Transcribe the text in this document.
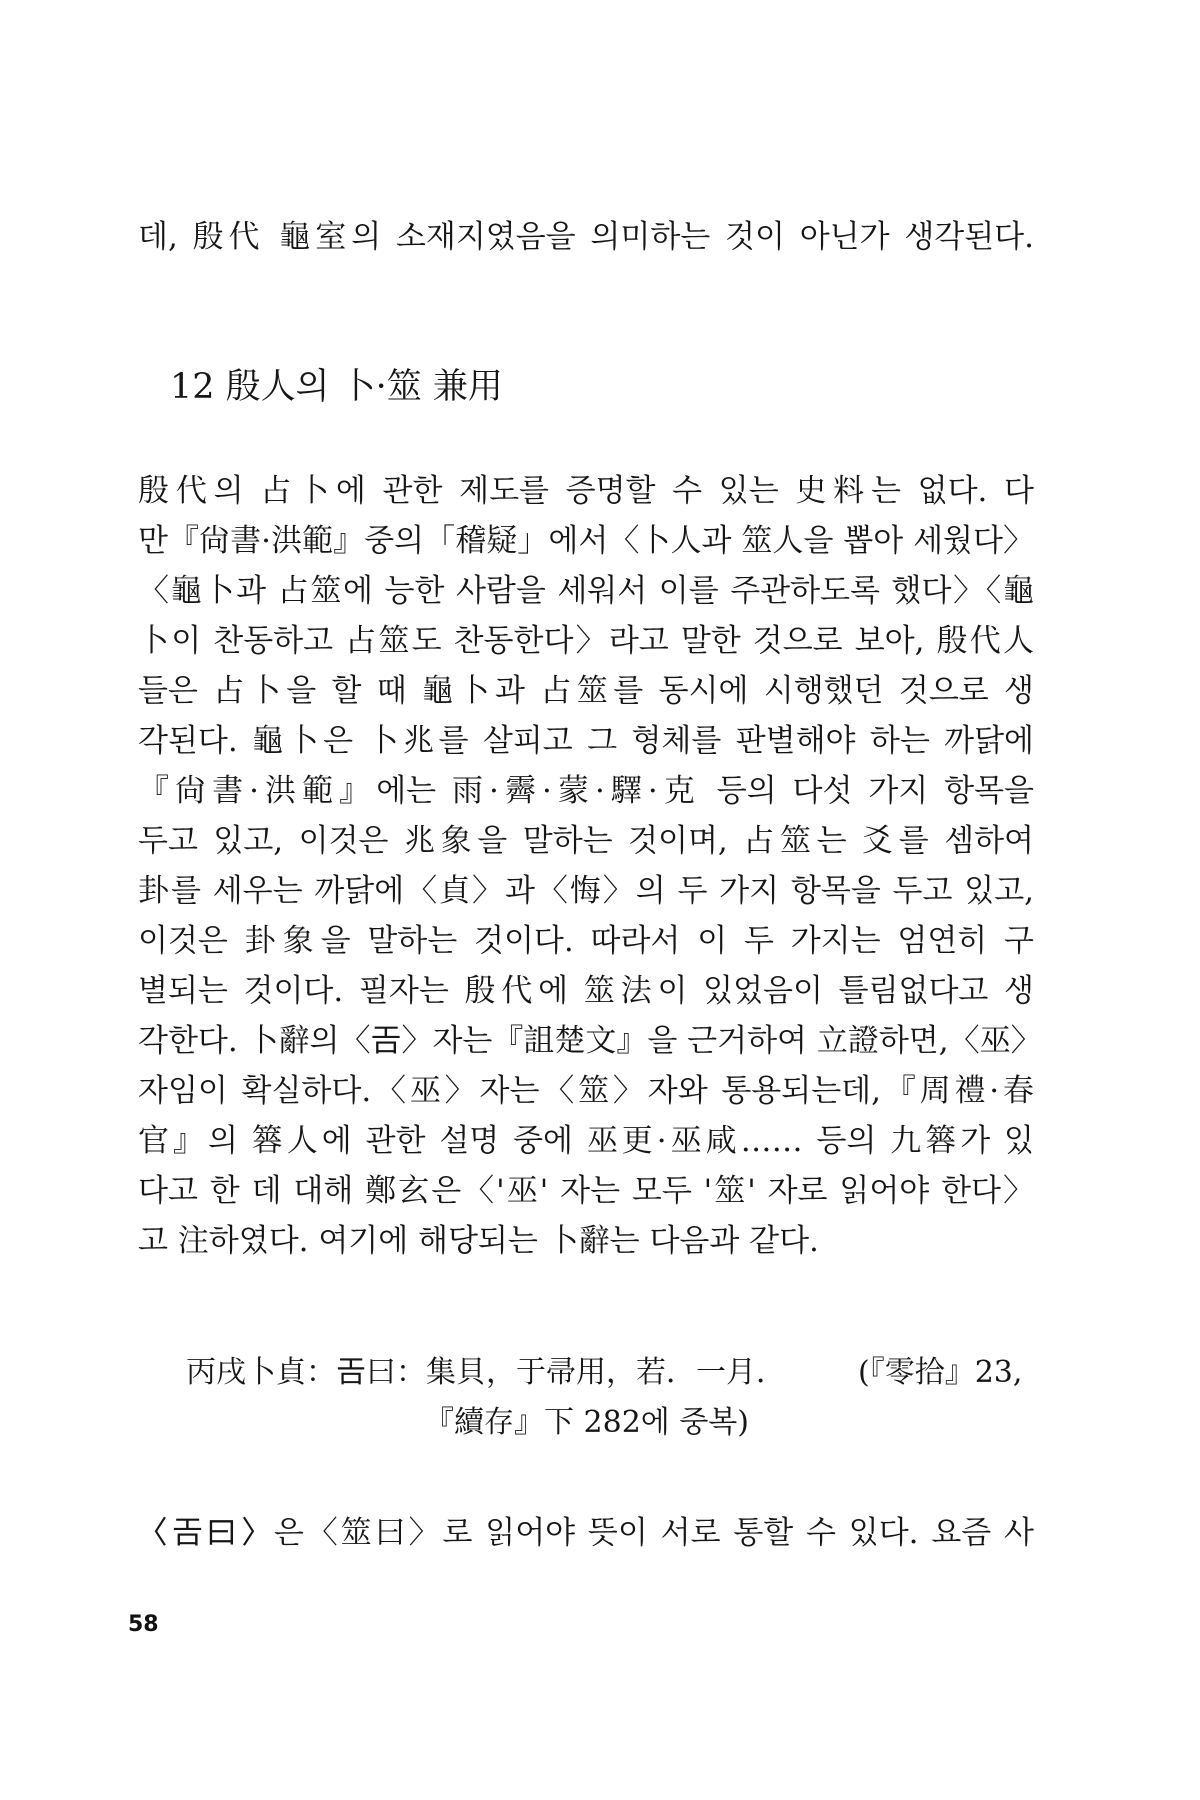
데, 殷代 龜室의 소재지였음을 의미하는 것이 아닌가 생각된다.
12 殷人의 卜·筮 兼用
殷代의 占卜에 관한 제도를 증명할 수 있는 史料는 없다. 다
만『尙書·洪範』중의「稽疑」에서〈卜人과 筮人을 뽑아 세웠다〉
〈龜卜과 占筮에 능한 사람을 세워서 이를 주관하도록 했다〉〈龜
卜이 찬동하고 占筮도 찬동한다〉라고 말한 것으로 보아, 殷代人
들은 占卜을 할 때 龜卜과 占筮를 동시에 시행했던 것으로 생
각된다. 龜卜은 卜兆를 살피고 그 형체를 판별해야 하는 까닭에
『尙書·洪範』에는 雨·霽·蒙·驛·克 등의 다섯 가지 항목을
두고 있고, 이것은 兆象을 말하는 것이며, 占筮는 爻를 셈하여
卦를 세우는 까닭에〈貞〉과〈悔〉의 두 가지 항목을 두고 있고,
이것은 卦象을 말하는 것이다. 따라서 이 두 가지는 엄연히 구
별되는 것이다. 필자는 殷代에 筮法이 있었음이 틀림없다고 생
각한다. 卜辭의〈𢀛〉자는『詛楚文』을 근거하여 立證하면,〈巫〉
자임이 확실하다.〈巫〉자는〈筮〉자와 통용되는데,『周禮·春
官』의 簭人에 관한 설명 중에 巫更·巫咸…… 등의 九簭가 있
다고 한 데 대해 鄭玄은〈'巫' 자는 모두 '筮' 자로 읽어야 한다〉
고 注하였다. 여기에 해당되는 卜辭는 다음과 같다.
丙戌卜貞：𢀛曰：集貝，于帚用，若．一月． (『零拾』23,
『續存』下 282에 중복)
〈𢀛曰〉은〈筮曰〉로 읽어야 뜻이 서로 통할 수 있다. 요즘 사
58
